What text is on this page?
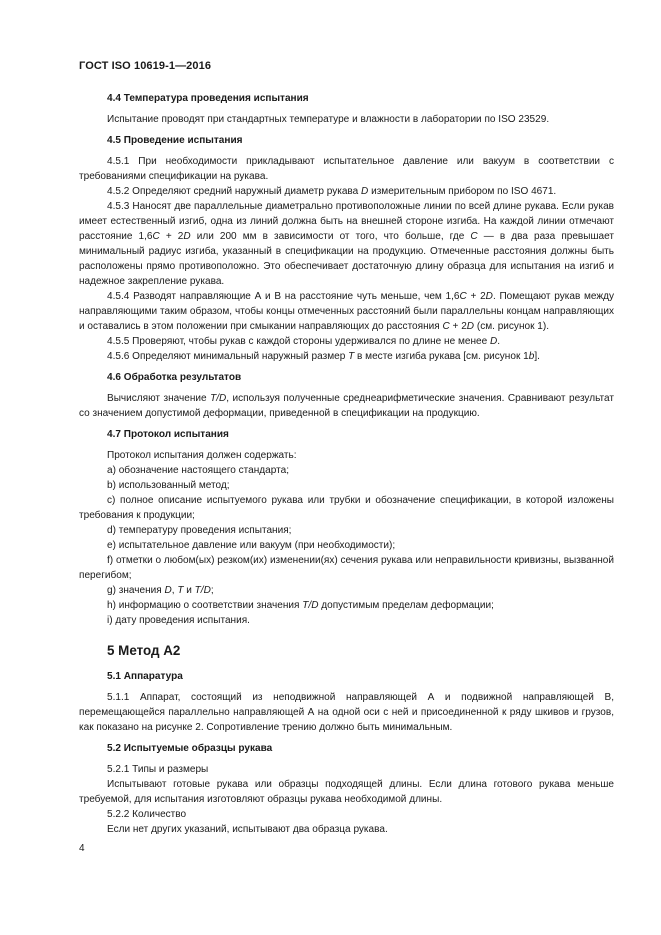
ГОСТ ISO 10619-1—2016
4.4 Температура проведения испытания
Испытание проводят при стандартных температуре и влажности в лаборатории по ISO 23529.
4.5 Проведение испытания
4.5.1 При необходимости прикладывают испытательное давление или вакуум в соответствии с требованиями спецификации на рукава.
4.5.2 Определяют средний наружный диаметр рукава D измерительным прибором по ISO 4671.
4.5.3 Наносят две параллельные диаметрально противоположные линии по всей длине рукава. Если рукав имеет естественный изгиб, одна из линий должна быть на внешней стороне изгиба. На каждой линии отмечают расстояние 1,6C + 2D или 200 мм в зависимости от того, что больше, где C — в два раза превышает минимальный радиус изгиба, указанный в спецификации на продукцию. Отмеченные расстояния должны быть расположены прямо противоположно. Это обеспечивает достаточную длину образца для испытания на изгиб и надежное закрепление рукава.
4.5.4 Разводят направляющие А и В на расстояние чуть меньше, чем 1,6C + 2D. Помещают рукав между направляющими таким образом, чтобы концы отмеченных расстояний были параллельны концам направляющих и оставались в этом положении при смыкании направляющих до расстояния C + 2D (см. рисунок 1).
4.5.5 Проверяют, чтобы рукав с каждой стороны удерживался по длине не менее D.
4.5.6 Определяют минимальный наружный размер T в месте изгиба рукава [см. рисунок 1b].
4.6 Обработка результатов
Вычисляют значение T/D, используя полученные среднеарифметические значения. Сравнивают результат со значением допустимой деформации, приведенной в спецификации на продукцию.
4.7 Протокол испытания
Протокол испытания должен содержать:
a) обозначение настоящего стандарта;
b) использованный метод;
c) полное описание испытуемого рукава или трубки и обозначение спецификации, в которой изложены требования к продукции;
d) температуру проведения испытания;
e) испытательное давление или вакуум (при необходимости);
f) отметки о любом(ых) резком(их) изменении(ях) сечения рукава или неправильности кривизны, вызванной перегибом;
g) значения D, T и T/D;
h) информацию о соответствии значения T/D допустимым пределам деформации;
i) дату проведения испытания.
5 Метод А2
5.1 Аппаратура
5.1.1 Аппарат, состоящий из неподвижной направляющей А и подвижной направляющей В, перемещающейся параллельно направляющей А на одной оси с ней и присоединенной к ряду шкивов и грузов, как показано на рисунке 2. Сопротивление трению должно быть минимальным.
5.2 Испытуемые образцы рукава
5.2.1 Типы и размеры
Испытывают готовые рукава или образцы подходящей длины. Если длина готового рукава меньше требуемой, для испытания изготовляют образцы рукава необходимой длины.
5.2.2 Количество
Если нет других указаний, испытывают два образца рукава.
4
